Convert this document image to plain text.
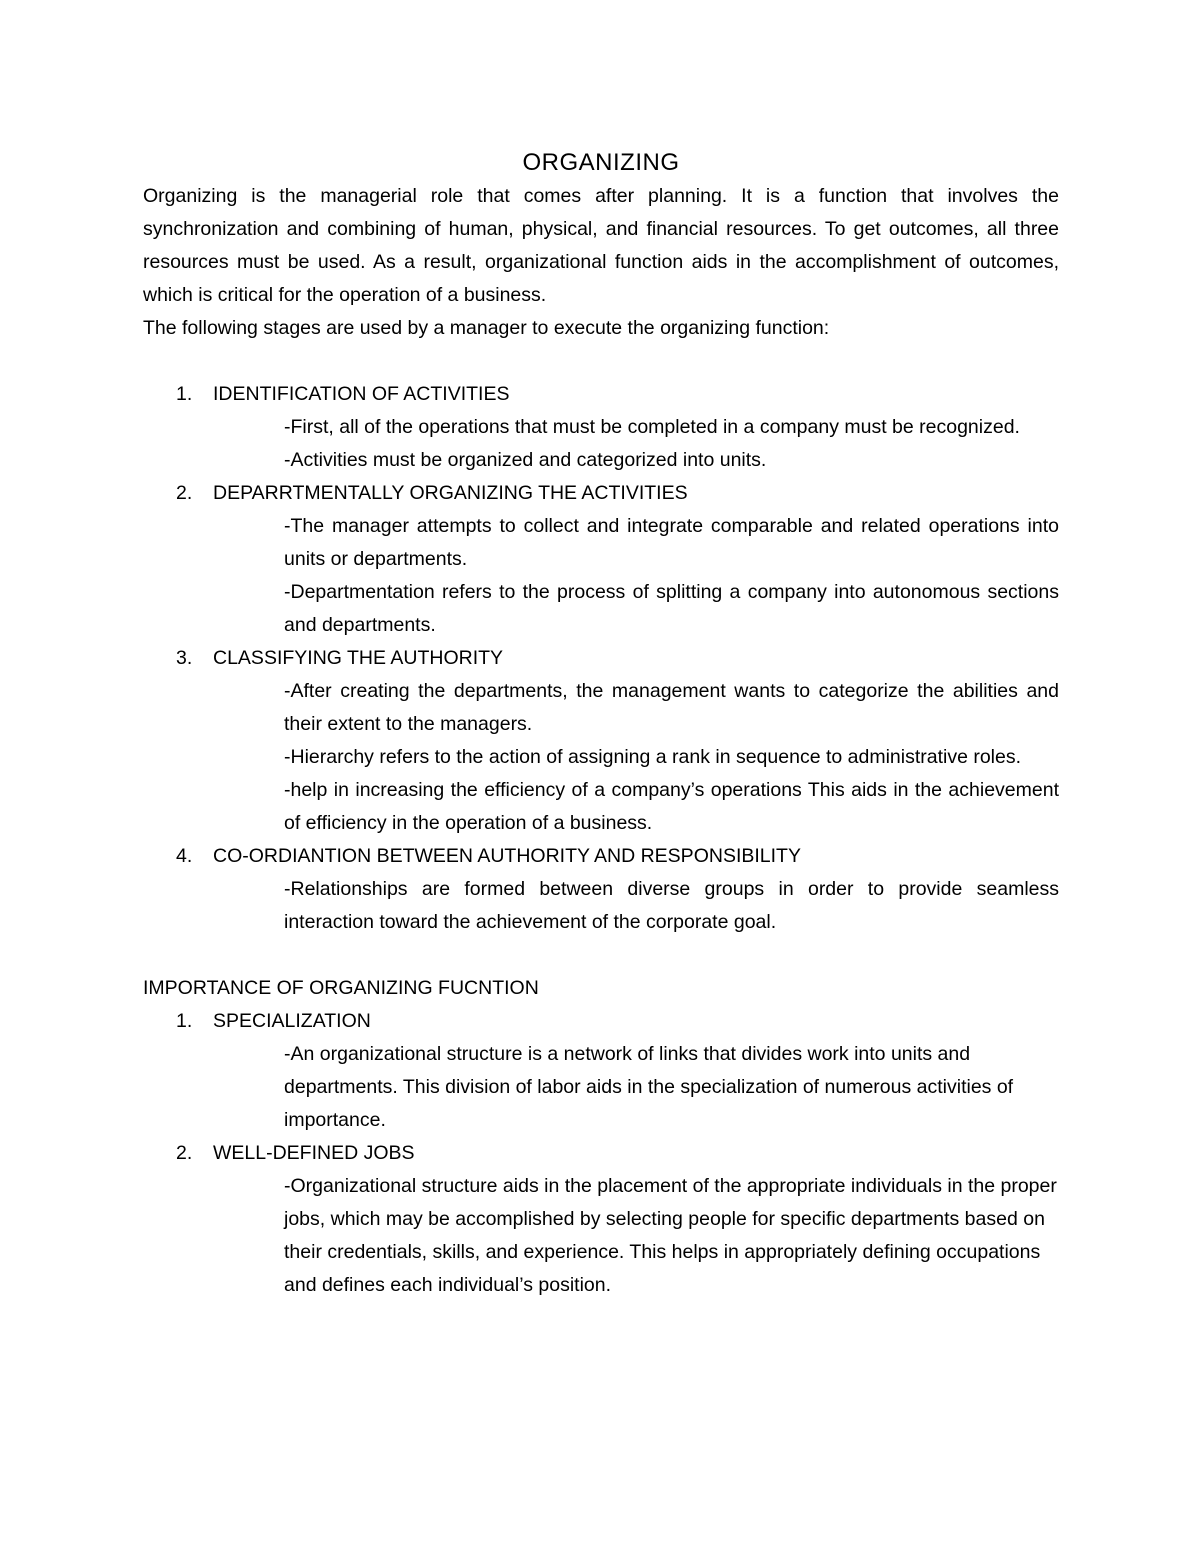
ORGANIZING

Organizing is the managerial role that comes after planning. It is a function that involves the synchronization and combining of human, physical, and financial resources. To get outcomes, all three resources must be used. As a result, organizational function aids in the accomplishment of outcomes, which is critical for the operation of a business.

The following stages are used by a manager to execute the organizing function:

1. IDENTIFICATION OF ACTIVITIES
-First, all of the operations that must be completed in a company must be recognized.
-Activities must be organized and categorized into units.
2. DEPARRTMENTALLY ORGANIZING THE ACTIVITIES
-The manager attempts to collect and integrate comparable and related operations into units or departments.
-Departmentation refers to the process of splitting a company into autonomous sections and departments.
3. CLASSIFYING THE AUTHORITY
-After creating the departments, the management wants to categorize the abilities and their extent to the managers.
-Hierarchy refers to the action of assigning a rank in sequence to administrative roles.
-help in increasing the efficiency of a company’s operations This aids in the achievement of efficiency in the operation of a business.
4. CO-ORDIANTION BETWEEN AUTHORITY AND RESPONSIBILITY
-Relationships are formed between diverse groups in order to provide seamless interaction toward the achievement of the corporate goal.

IMPORTANCE OF ORGANIZING FUCNTION

1. SPECIALIZATION
-An organizational structure is a network of links that divides work into units and departments. This division of labor aids in the specialization of numerous activities of importance.
2. WELL-DEFINED JOBS
-Organizational structure aids in the placement of the appropriate individuals in the proper jobs, which may be accomplished by selecting people for specific departments based on their credentials, skills, and experience. This helps in appropriately defining occupations and defines each individual’s position.
